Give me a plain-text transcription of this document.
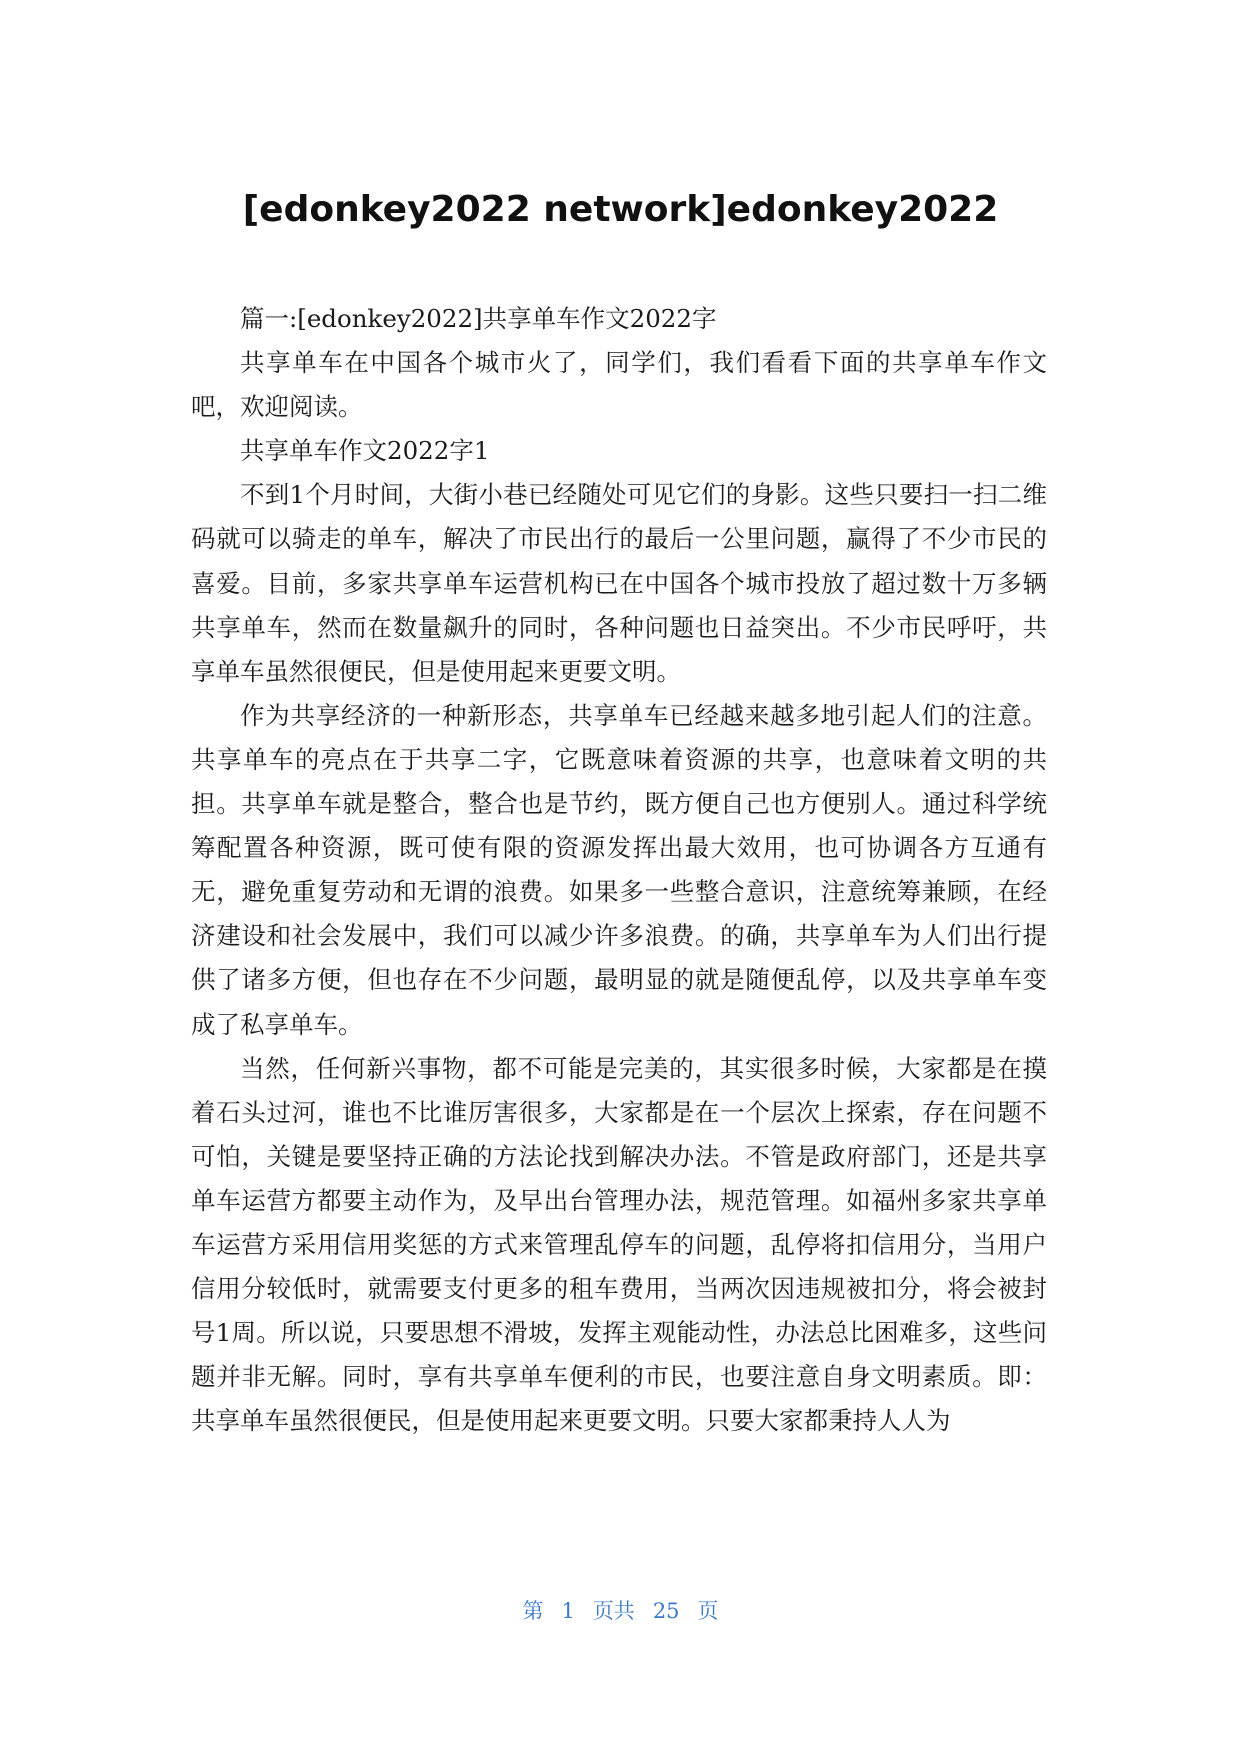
[edonkey2022 network]edonkey2022

篇一:[edonkey2022]共享单车作文2022字

共享单车在中国各个城市火了，同学们，我们看看下面的共享单车作文吧，欢迎阅读。

共享单车作文2022字1

不到1个月时间，大街小巷已经随处可见它们的身影。这些只要扫一扫二维码就可以骑走的单车，解决了市民出行的最后一公里问题，赢得了不少市民的喜爱。目前，多家共享单车运营机构已在中国各个城市投放了超过数十万多辆共享单车，然而在数量飙升的同时，各种问题也日益突出。不少市民呼吁，共享单车虽然很便民，但是使用起来更要文明。

作为共享经济的一种新形态，共享单车已经越来越多地引起人们的注意。共享单车的亮点在于共享二字，它既意味着资源的共享，也意味着文明的共担。共享单车就是整合，整合也是节约，既方便自己也方便别人。通过科学统筹配置各种资源，既可使有限的资源发挥出最大效用，也可协调各方互通有无，避免重复劳动和无谓的浪费。如果多一些整合意识，注意统筹兼顾，在经济建设和社会发展中，我们可以减少许多浪费。的确，共享单车为人们出行提供了诸多方便，但也存在不少问题，最明显的就是随便乱停，以及共享单车变成了私享单车。

当然，任何新兴事物，都不可能是完美的，其实很多时候，大家都是在摸着石头过河，谁也不比谁厉害很多，大家都是在一个层次上探索，存在问题不可怕，关键是要坚持正确的方法论找到解决办法。不管是政府部门，还是共享单车运营方都要主动作为，及早出台管理办法，规范管理。如福州多家共享单车运营方采用信用奖惩的方式来管理乱停车的问题，乱停将扣信用分，当用户信用分较低时，就需要支付更多的租车费用，当两次因违规被扣分，将会被封号1周。所以说，只要思想不滑坡，发挥主观能动性，办法总比困难多，这些问题并非无解。同时，享有共享单车便利的市民，也要注意自身文明素质。即：共享单车虽然很便民，但是使用起来更要文明。只要大家都秉持人人为

第 1 页共 25 页
